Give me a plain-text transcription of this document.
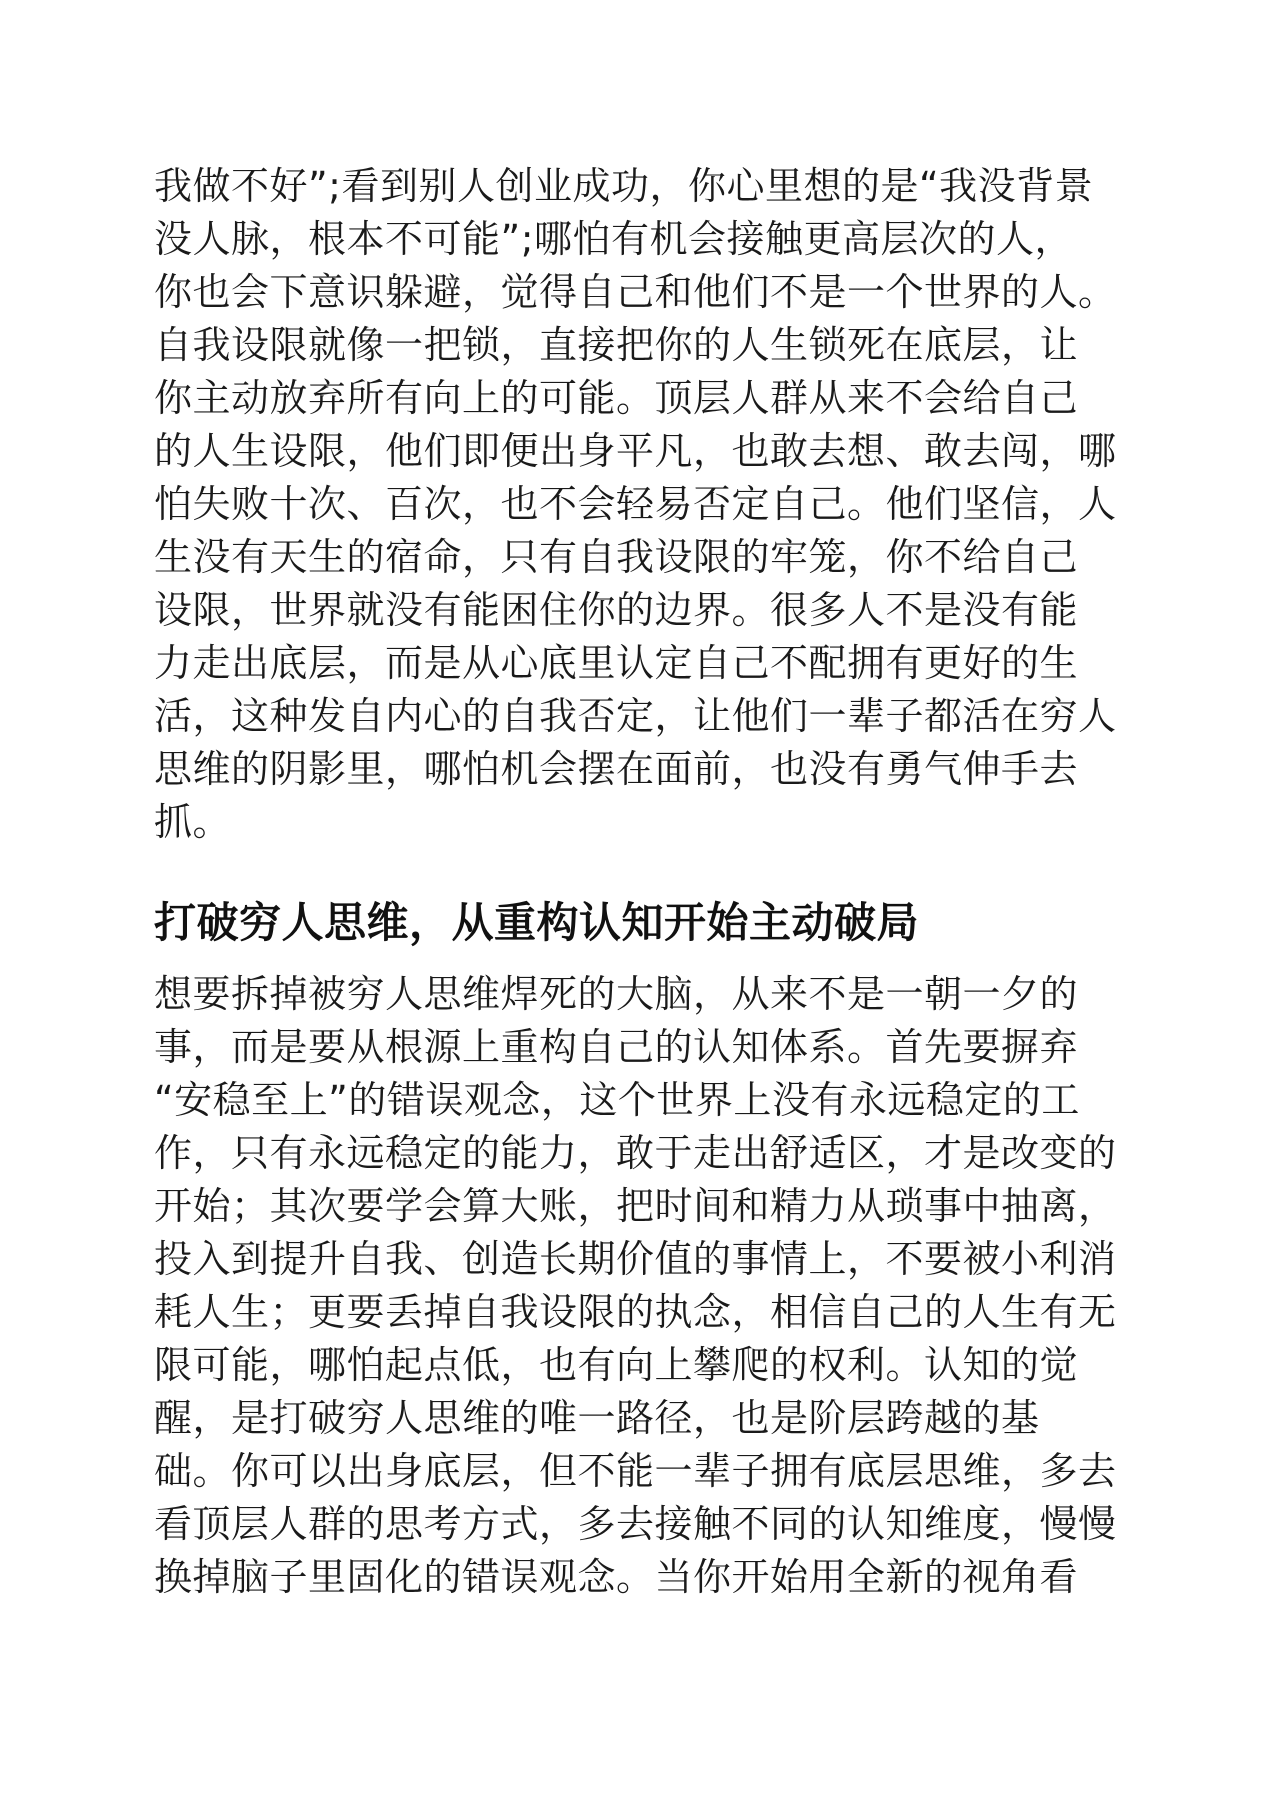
我做不好”;看到别人创业成功，你心里想的是“我没背景
没人脉，根本不可能”;哪怕有机会接触更高层次的人，
你也会下意识躲避，觉得自己和他们不是一个世界的人。
自我设限就像一把锁，直接把你的人生锁死在底层，让
你主动放弃所有向上的可能。顶层人群从来不会给自己
的人生设限，他们即便出身平凡，也敢去想、敢去闯，哪
怕失败十次、百次，也不会轻易否定自己。他们坚信，人
生没有天生的宿命，只有自我设限的牢笼，你不给自己
设限，世界就没有能困住你的边界。很多人不是没有能
力走出底层，而是从心底里认定自己不配拥有更好的生
活，这种发自内心的自我否定，让他们一辈子都活在穷人
思维的阴影里，哪怕机会摆在面前，也没有勇气伸手去
抓。
打破穷人思维，从重构认知开始主动破局
想要拆掉被穷人思维焊死的大脑，从来不是一朝一夕的
事，而是要从根源上重构自己的认知体系。首先要摒弃
“安稳至上”的错误观念，这个世界上没有永远稳定的工
作，只有永远稳定的能力，敢于走出舒适区，才是改变的
开始；其次要学会算大账，把时间和精力从琐事中抽离，
投入到提升自我、创造长期价值的事情上，不要被小利消
耗人生；更要丢掉自我设限的执念，相信自己的人生有无
限可能，哪怕起点低，也有向上攀爬的权利。认知的觉
醒，是打破穷人思维的唯一路径，也是阶层跨越的基
础。你可以出身底层，但不能一辈子拥有底层思维，多去
看顶层人群的思考方式，多去接触不同的认知维度，慢慢
换掉脑子里固化的错误观念。当你开始用全新的视角看
